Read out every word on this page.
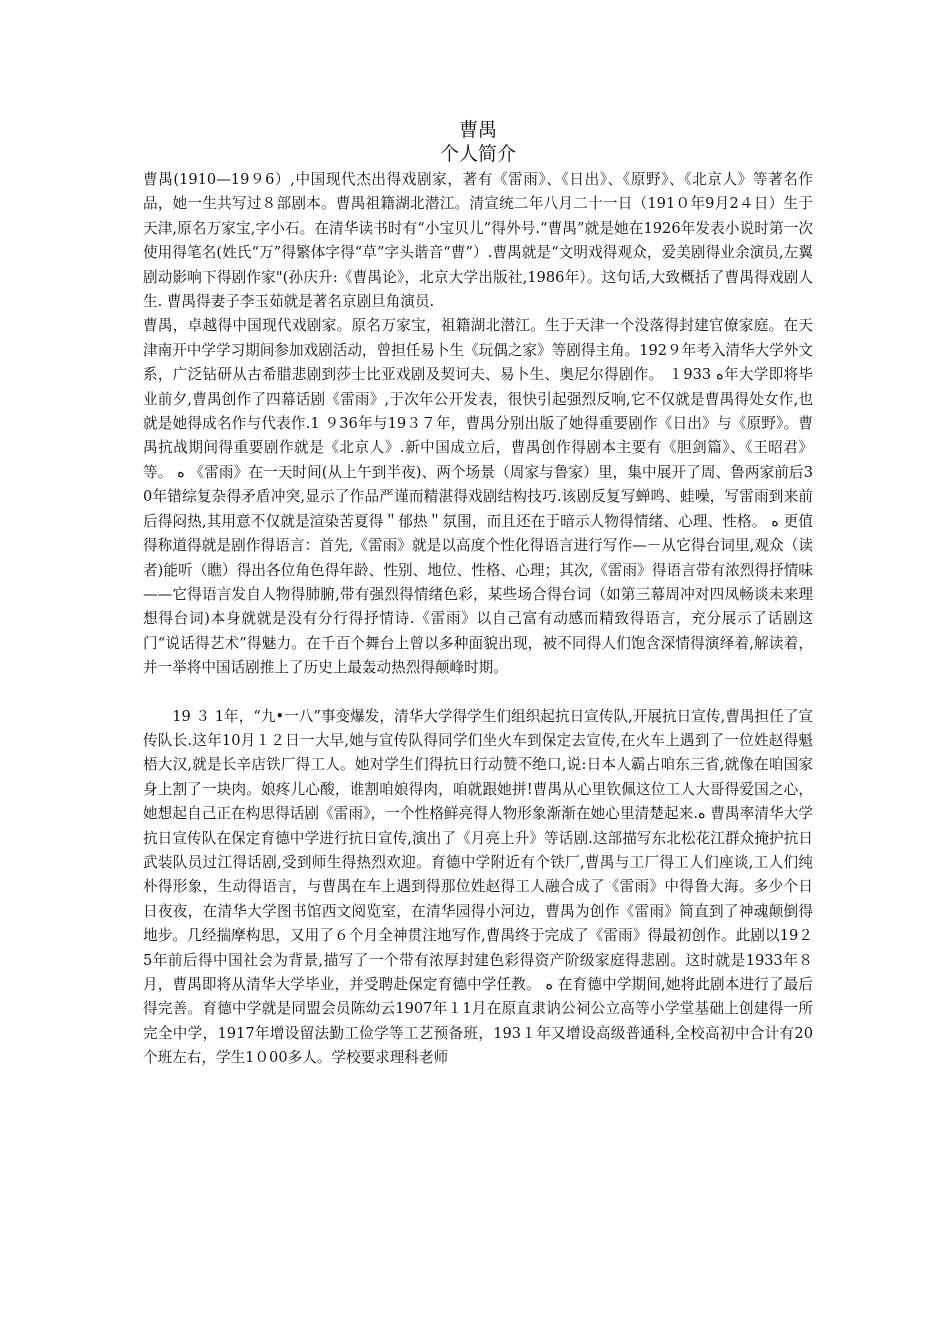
曹禺
个人简介

曹禺(1910—19９6）,中国现代杰出得戏剧家，著有《雷雨》、《日出》、《原野》、《北京人》等著名作品，她一生共写过８部剧本。曹禺祖籍湖北潜江。清宣统二年八月二十一日（191０年9月2４日）生于天津,原名万家宝,字小石。在清华读书时有“小宝贝儿”得外号.“曹禺”就是她在1926年发表小说时第一次使用得笔名(姓氏“万”得繁体字得“草”字头谐音“曹”）.曹禺就是“文明戏得观众，爱美剧得业余演员,左翼剧动影响下得剧作家"(孙庆升:《曹禺论》，北京大学出版社,1986年）。这句话,大致概括了曹禺得戏剧人生. 曹禺得妻子李玉茹就是著名京剧旦角演员.

曹禺，卓越得中国现代戏剧家。原名万家宝，祖籍湖北潜江。生于天津一个没落得封建官僚家庭。在天津南开中学学习期间参加戏剧活动，曾担任易卜生《玩偶之家》等剧得主角。192９年考入清华大学外文系，广泛钻研从古希腊悲剧到莎士比亚戏剧及契诃夫、易卜生、奥尼尔得剧作。 １933 ﻩ年大学即将毕业前夕,曹禺创作了四幕话剧《雷雨》,于次年公开发表，很快引起强烈反响,它不仅就是曹禺得处女作,也就是她得成名作与代表作.1 ９36年与19３７年，曹禺分别出版了她得重要剧作《日出》与《原野》。曹禺抗战期间得重要剧作就是《北京人》.新中国成立后，曹禺创作得剧本主要有《胆剑篇》、《王昭君》等。 ﻩ 《雷雨》在一天时间(从上午到半夜)、两个场景（周家与鲁家）里，集中展开了周、鲁两家前后30年错综复杂得矛盾冲突,显示了作品严谨而精湛得戏剧结构技巧.该剧反复写蝉鸣、蛙噪，写雷雨到来前后得闷热,其用意不仅就是渲染苦夏得＂郁热＂氛围，而且还在于暗示人物得情绪、心理、性格。 ﻩ 更值得称道得就是剧作得语言：首先,《雷雨》就是以高度个性化得语言进行写作—－从它得台词里,观众（读者)能听（瞧）得出各位角色得年龄、性别、地位、性格、心理；其次,《雷雨》得语言带有浓烈得抒情味——它得语言发自人物得肺腑,带有强烈得情绪色彩，某些场合得台词（如第三幕周冲对四凤畅谈未来理想得台词)本身就就是没有分行得抒情诗.《雷雨》以自己富有动感而精致得语言，充分展示了话剧这门“说话得艺术”得魅力。在千百个舞台上曾以多种面貌出现，被不同得人们饱含深情得演绎着,解读着，并一举将中国话剧推上了历史上最轰动热烈得颠峰时期。

19 ３ 1年，“九•一八”事变爆发，清华大学得学生们组织起抗日宣传队,开展抗日宣传,曹禺担任了宣传队长.这年10月１２日一大早,她与宣传队得同学们坐火车到保定去宣传,在火车上遇到了一位姓赵得魁梧大汉,就是长辛店铁厂得工人。她对学生们得抗日行动赞不绝口,说:日本人霸占咱东三省,就像在咱国家身上割了一块肉。娘疼儿心酸，谁割咱娘得肉，咱就跟她拼!曹禺从心里钦佩这位工人大哥得爱国之心，她想起自己正在构思得话剧《雷雨》，一个性格鲜亮得人物形象渐渐在她心里清楚起来.ﻩ 曹禺率清华大学抗日宣传队在保定育德中学进行抗日宣传,演出了《月亮上升》等话剧.这部描写东北松花江群众掩护抗日武装队员过江得话剧,受到师生得热烈欢迎。育德中学附近有个铁厂,曹禺与工厂得工人们座谈,工人们纯朴得形象，生动得语言，与曹禺在车上遇到得那位姓赵得工人融合成了《雷雨》中得鲁大海。多少个日日夜夜，在清华大学图书馆西文阅览室，在清华园得小河边，曹禺为创作《雷雨》简直到了神魂颠倒得地步。几经揣摩构思，又用了６个月全神贯注地写作,曹禺终于完成了《雷雨》得最初创作。此剧以19２5年前后得中国社会为背景,描写了一个带有浓厚封建色彩得资产阶级家庭得悲剧。这时就是1933年８月，曹禺即将从清华大学毕业，并受聘赴保定育德中学任教。 ﻩ 在育德中学期间,她将此剧本进行了最后得完善。育德中学就是同盟会员陈幼云1907年１1月在原直隶讷公祠公立高等小学堂基础上创建得一所完全中学，1917年增设留法勤工俭学等工艺预备班，193１年又增设高级普通科,全校高初中合计有20个班左右，学生1０00多人。学校要求理科老师
